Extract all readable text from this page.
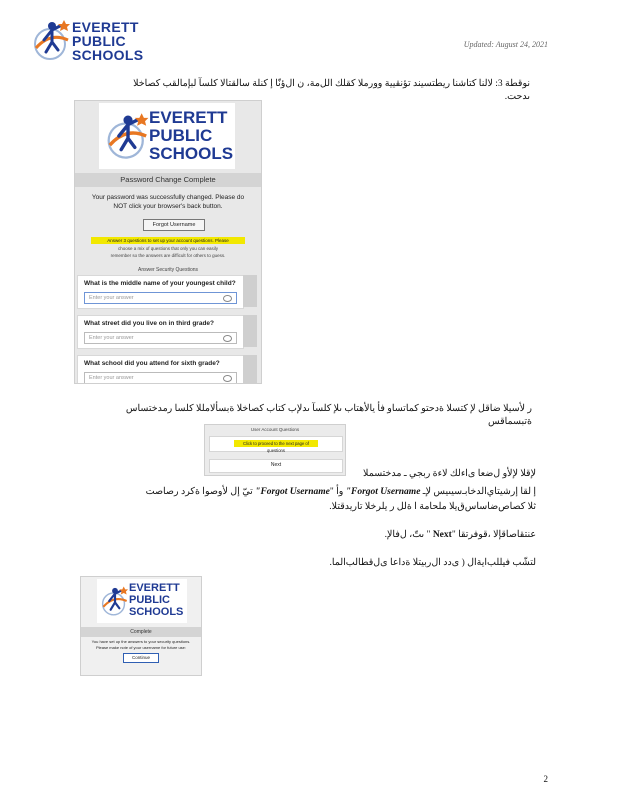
EVERETT
PUBLIC
SCHOOLS
Updated: August 24, 2021
نوقطة 3: لالنا كتاشنا ريطتسيند تؤنقيية وورملا كقلك الل‌مة، ن ال‌ؤنّا إ كنلة سالقتالا كلسآ لبإ‌مالقب كصاخلا ىدحت.
EVERETT
PUBLIC
SCHOOLS
Password Change Complete
Your password was successfully changed. Please do
NOT click your browser's back button.
Forgot Username
Answer 3 questions to set up your account questions. Please
choose a mix of questions that only you can easily
remember so the answers are difficult for others to guess.
Answer Security Questions
What is the middle name of your youngest child?
Enter your answer
What street did you live on in third grade?
Enter your answer
What school did you attend for sixth grade?
Enter your answer
ر لأسيلا ضاقل لإ كتسلا ةدحتو كماتساو فأ يالأ‌هتاب ىلإ كلسآ ىدلإب كتاب كصاخلا ةبسألامللا كلسا رمدختساس ةتبسماقس
User Account Questions
Click to proceed to the next page of questions
Next
لإقلا لإلأو ل‌ضعا ى‌اءلك لاءة ر‌بجي ـ مدختسملا
إ لقا‌ إرشيتاي‌الدخابـ‌سيىيس لإـ Forgot Username" وأ "Forgot Username" تيّ إل ‌لأوصوا‌ ةكرد رصاصت
ثلا ‌كصاص‌ضا‌ساس‌ق‌يلا ملحامة ‌ا‌ ةلل‌ ‌ر‌ ‌يلرخلا تاريدقتلا.
عنتقاصاقإلا ،قوفرتقا "Next " ىتّ، ل‌فالإ.
لتشّب ‌فيللب‌اية‌ال‌ ( ى‌دد ال‌ر‌بيتلا ةداعا ى‌ل‌قطالب‌الما.
EVERETT
PUBLIC
SCHOOLS
Complete
You have set up the answers to your security questions.
Please make note of your username for future use:
Continue
2
